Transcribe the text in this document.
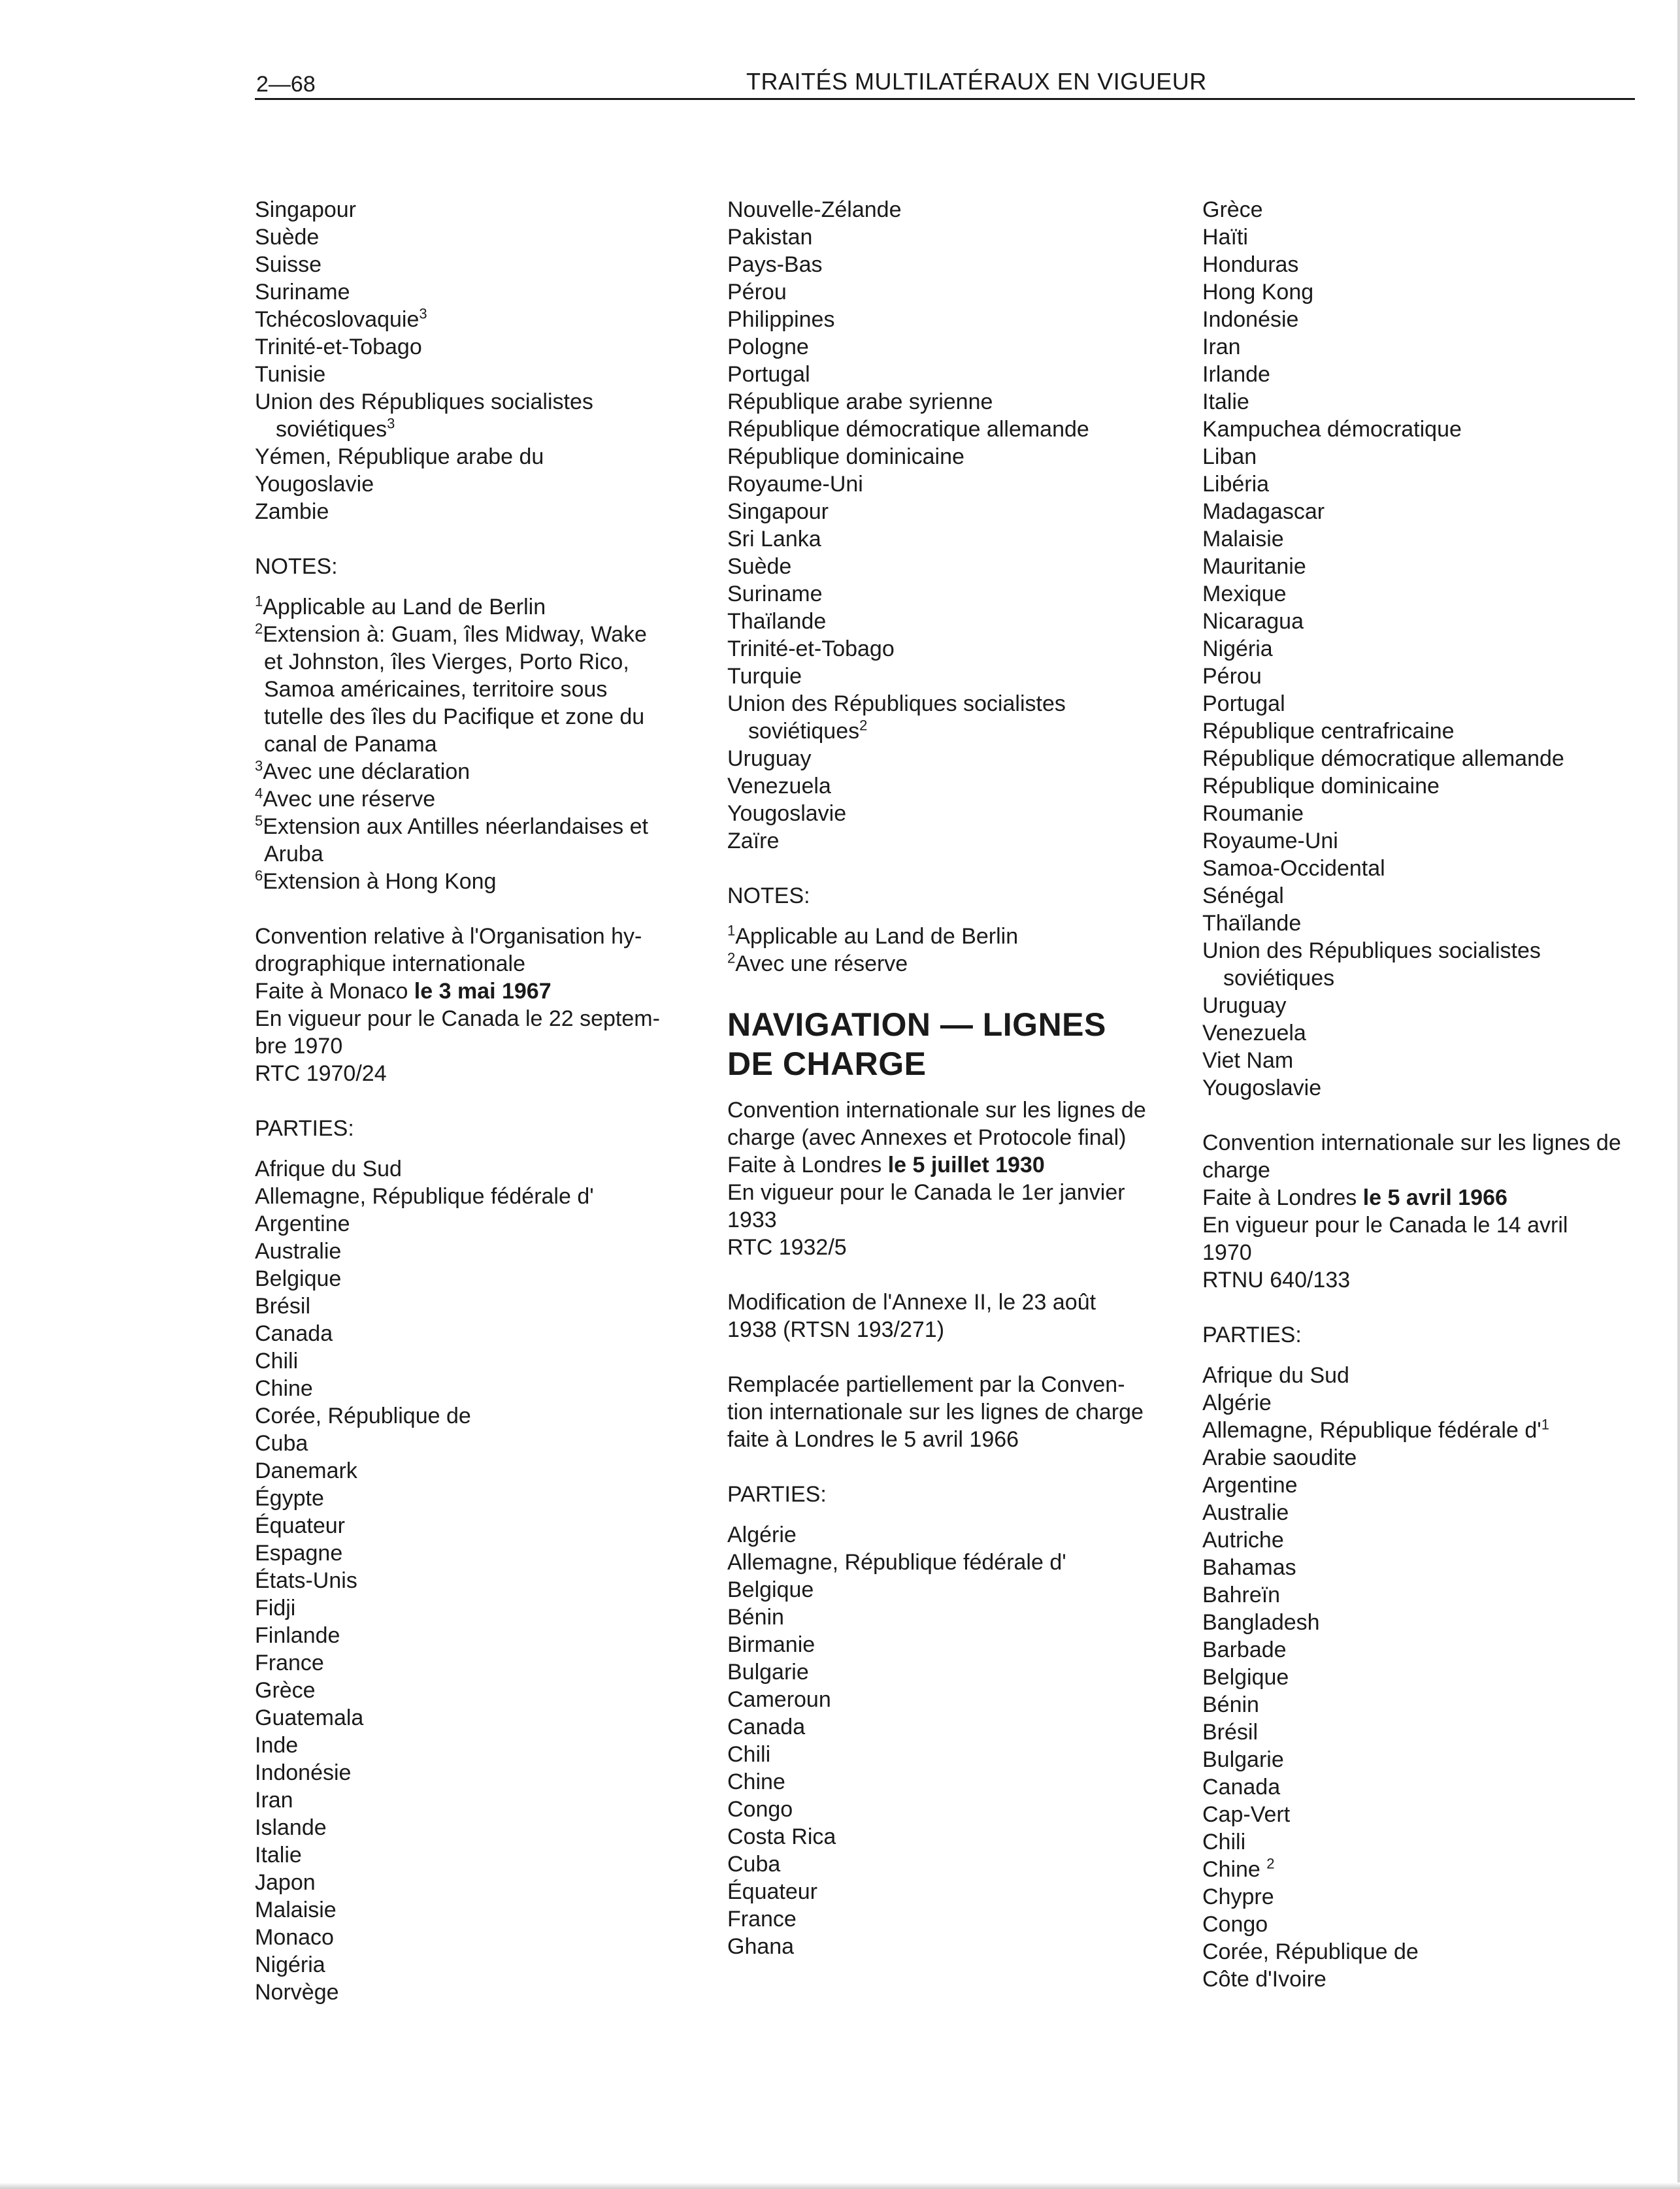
2—68	TRAITÉS MULTILATÉRAUX EN VIGUEUR
Singapour
Suède
Suisse
Suriname
Tchécoslovaquie$^3$
Trinité-et-Tobago
Tunisie
Union des Républiques socialistes
soviétiques$^3$
Yémen, République arabe du
Yougoslavie
Zambie
NOTES:
$^1$Applicable au Land de Berlin
$^2$Extension à: Guam, îles Midway, Wake
et Johnston, îles Vierges, Porto Rico,
Samoa américaines, territoire sous
tutelle des îles du Pacifique et zone du
canal de Panama
$^3$Avec une déclaration
$^4$Avec une réserve
$^5$Extension aux Antilles néerlandaises et
Aruba
$^6$Extension à Hong Kong
Convention relative à l'Organisation hy-
drographique internationale
Faite à Monaco le 3 mai 1967
En vigueur pour le Canada le 22 septem-
bre 1970
RTC 1970/24
PARTIES:
Afrique du Sud
Allemagne, République fédérale d'
Argentine
Australie
Belgique
Brésil
Canada
Chili
Chine
Corée, République de
Cuba
Danemark
Égypte
Équateur
Espagne
États-Unis
Fidji
Finlande
France
Grèce
Guatemala
Inde
Indonésie
Iran
Islande
Italie
Japon
Malaisie
Monaco
Nigéria
Norvège
Nouvelle-Zélande
Pakistan
Pays-Bas
Pérou
Philippines
Pologne
Portugal
République arabe syrienne
République démocratique allemande
République dominicaine
Royaume-Uni
Singapour
Sri Lanka
Suède
Suriname
Thaïlande
Trinité-et-Tobago
Turquie
Union des Républiques socialistes
soviétiques$^2$
Uruguay
Venezuela
Yougoslavie
Zaïre
NOTES:
$^1$Applicable au Land de Berlin
$^2$Avec une réserve
NAVIGATION — LIGNES
DE CHARGE
Convention internationale sur les lignes de
charge (avec Annexes et Protocole final)
Faite à Londres le 5 juillet 1930
En vigueur pour le Canada le 1er janvier
1933
RTC 1932/5
Modification de l'Annexe II, le 23 août
1938 (RTSN 193/271)
Remplacée partiellement par la Conven-
tion internationale sur les lignes de charge
faite à Londres le 5 avril 1966
PARTIES:
Algérie
Allemagne, République fédérale d'
Belgique
Bénin
Birmanie
Bulgarie
Cameroun
Canada
Chili
Chine
Congo
Costa Rica
Cuba
Équateur
France
Ghana
Grèce
Haïti
Honduras
Hong Kong
Indonésie
Iran
Irlande
Italie
Kampuchea démocratique
Liban
Libéria
Madagascar
Malaisie
Mauritanie
Mexique
Nicaragua
Nigéria
Pérou
Portugal
République centrafricaine
République démocratique allemande
République dominicaine
Roumanie
Royaume-Uni
Samoa-Occidental
Sénégal
Thaïlande
Union des Républiques socialistes
soviétiques
Uruguay
Venezuela
Viet Nam
Yougoslavie
Convention internationale sur les lignes de
charge
Faite à Londres le 5 avril 1966
En vigueur pour le Canada le 14 avril
1970
RTNU 640/133
PARTIES:
Afrique du Sud
Algérie
Allemagne, République fédérale $d'^1$
Arabie saoudite
Argentine
Australie
Autriche
Bahamas
Bahreïn
Bangladesh
Barbade
Belgique
Bénin
Brésil
Bulgarie
Canada
Cap-Vert
Chili
Chine $^2$
Chypre
Congo
Corée, République de
Côte d'Ivoire
